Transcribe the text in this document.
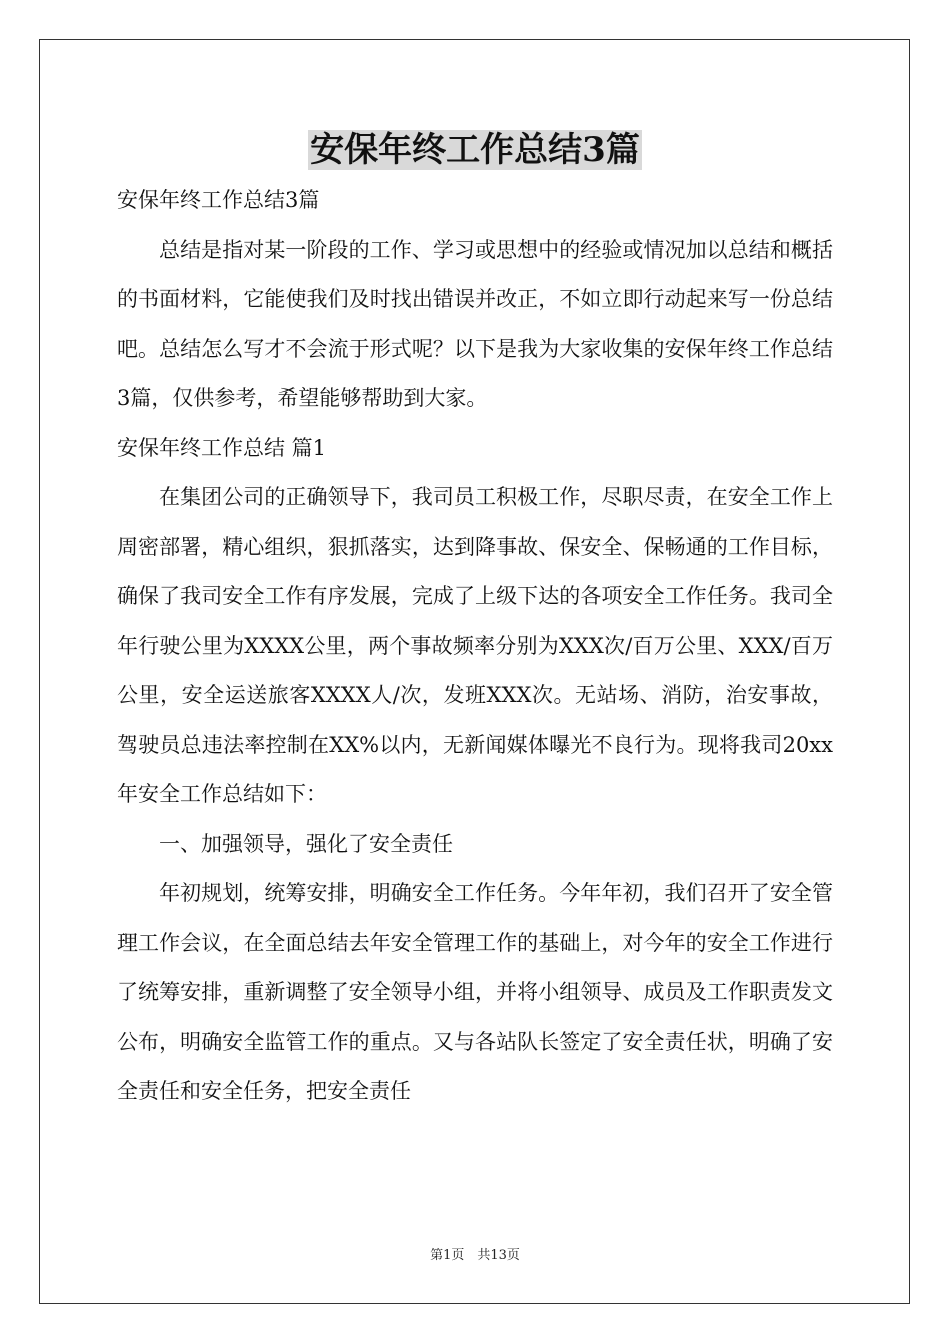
安保年终工作总结3篇

安保年终工作总结3篇

总结是指对某一阶段的工作、学习或思想中的经验或情况加以总结和概括的书面材料，它能使我们及时找出错误并改正，不如立即行动起来写一份总结吧。总结怎么写才不会流于形式呢？以下是我为大家收集的安保年终工作总结3篇，仅供参考，希望能够帮助到大家。

安保年终工作总结 篇1

在集团公司的正确领导下，我司员工积极工作，尽职尽责，在安全工作上周密部署，精心组织，狠抓落实，达到降事故、保安全、保畅通的工作目标，确保了我司安全工作有序发展，完成了上级下达的各项安全工作任务。我司全年行驶公里为XXXX公里，两个事故频率分别为XXX次/百万公里、XXX/百万公里，安全运送旅客XXXX人/次，发班XXX次。无站场、消防，治安事故，驾驶员总违法率控制在XX%以内，无新闻媒体曝光不良行为。现将我司20xx年安全工作总结如下：

一、加强领导，强化了安全责任

年初规划，统筹安排，明确安全工作任务。今年年初，我们召开了安全管理工作会议，在全面总结去年安全管理工作的基础上，对今年的安全工作进行了统筹安排，重新调整了安全领导小组，并将小组领导、成员及工作职责发文公布，明确安全监管工作的重点。又与各站队长签定了安全责任状，明确了安全责任和安全任务，把安全责任

第1页　共13页
